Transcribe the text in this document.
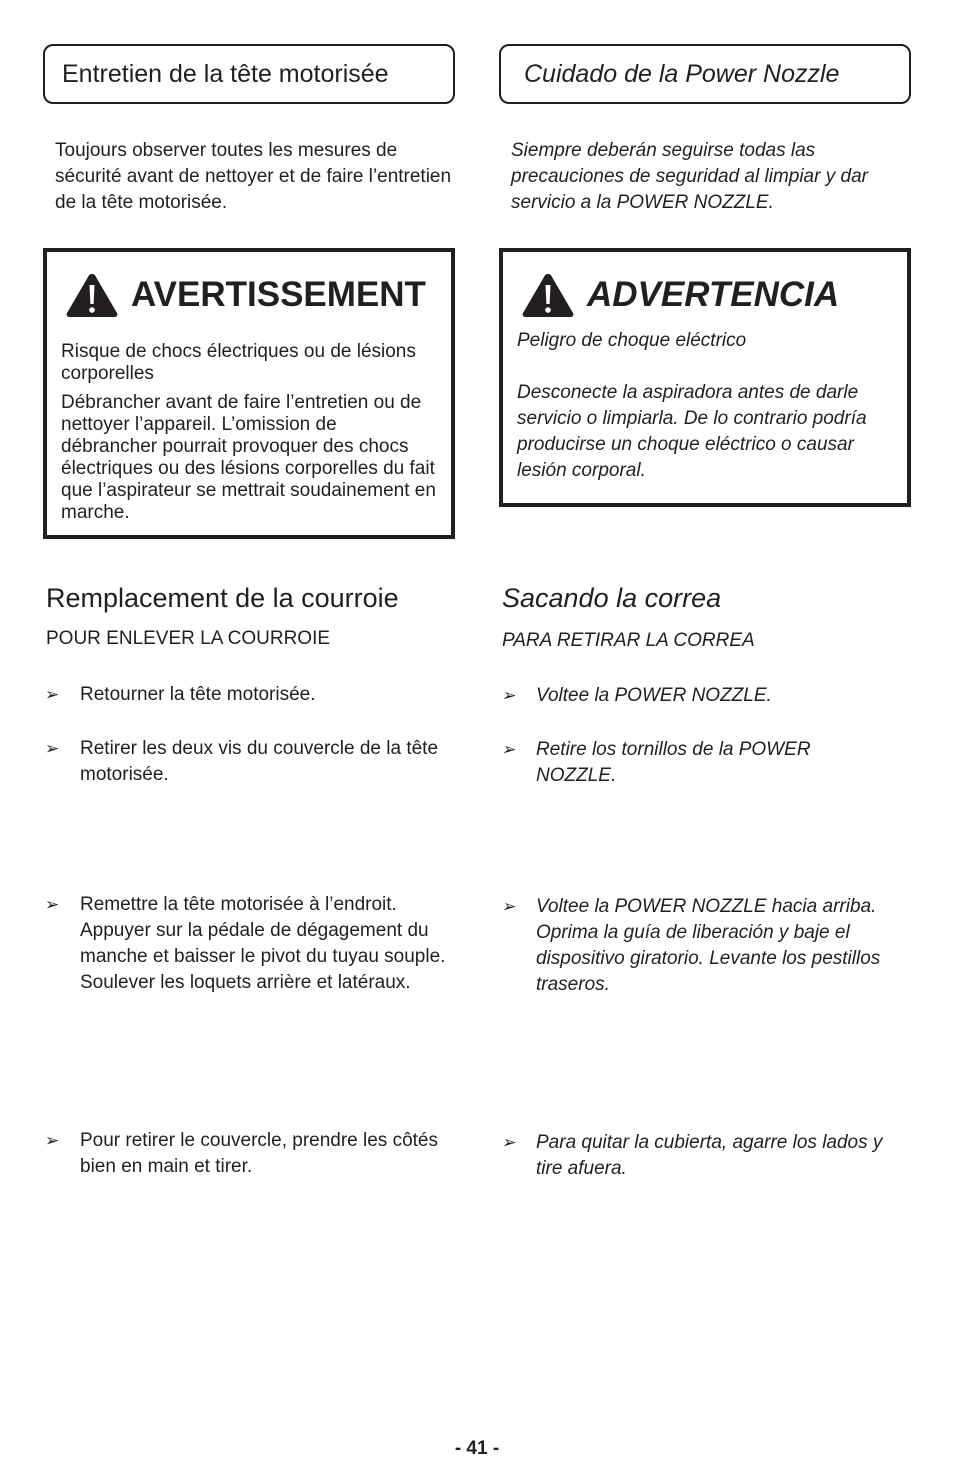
Entretien de la tête motorisée

Toujours observer toutes les mesures de sécurité avant de nettoyer et de faire l’entretien de la tête motorisée.

AVERTISSEMENT

Risque de chocs électriques ou de lésions corporelles

Débrancher avant de faire l’entretien ou de nettoyer l’appareil. L’omission de débrancher pourrait provoquer des chocs électriques ou des lésions corporelles du fait que l’aspirateur se mettrait soudainement en marche.

Remplacement de la courroie
POUR ENLEVER LA COURROIE
➢ Retourner la tête motorisée.
➢ Retirer les deux vis du couvercle de la tête motorisée.
➢ Remettre la tête motorisée à l’endroit. Appuyer sur la pédale de dégagement du manche et baisser le pivot du tuyau souple. Soulever les loquets arrière et latéraux.
➢ Pour retirer le couvercle, prendre les côtés bien en main et tirer.
Cuidado de la Power Nozzle

Siempre deberán seguirse todas las precauciones de seguridad al limpiar y dar servicio a la POWER NOZZLE.

ADVERTENCIA

Peligro de choque eléctrico

Desconecte la aspiradora antes de darle servicio o limpiarla. De lo contrario podría producirse un choque eléctrico o causar lesión corporal.

Sacando la correa
PARA RETIRAR LA CORREA
➢ Voltee la POWER NOZZLE.
➢ Retire los tornillos de la POWER NOZZLE.
➢ Voltee la POWER NOZZLE hacia arriba. Oprima la guía de liberación y baje el dispositivo giratorio. Levante los pestillos traseros.
➢ Para quitar la cubierta, agarre los lados y tire afuera.
- 41 -
